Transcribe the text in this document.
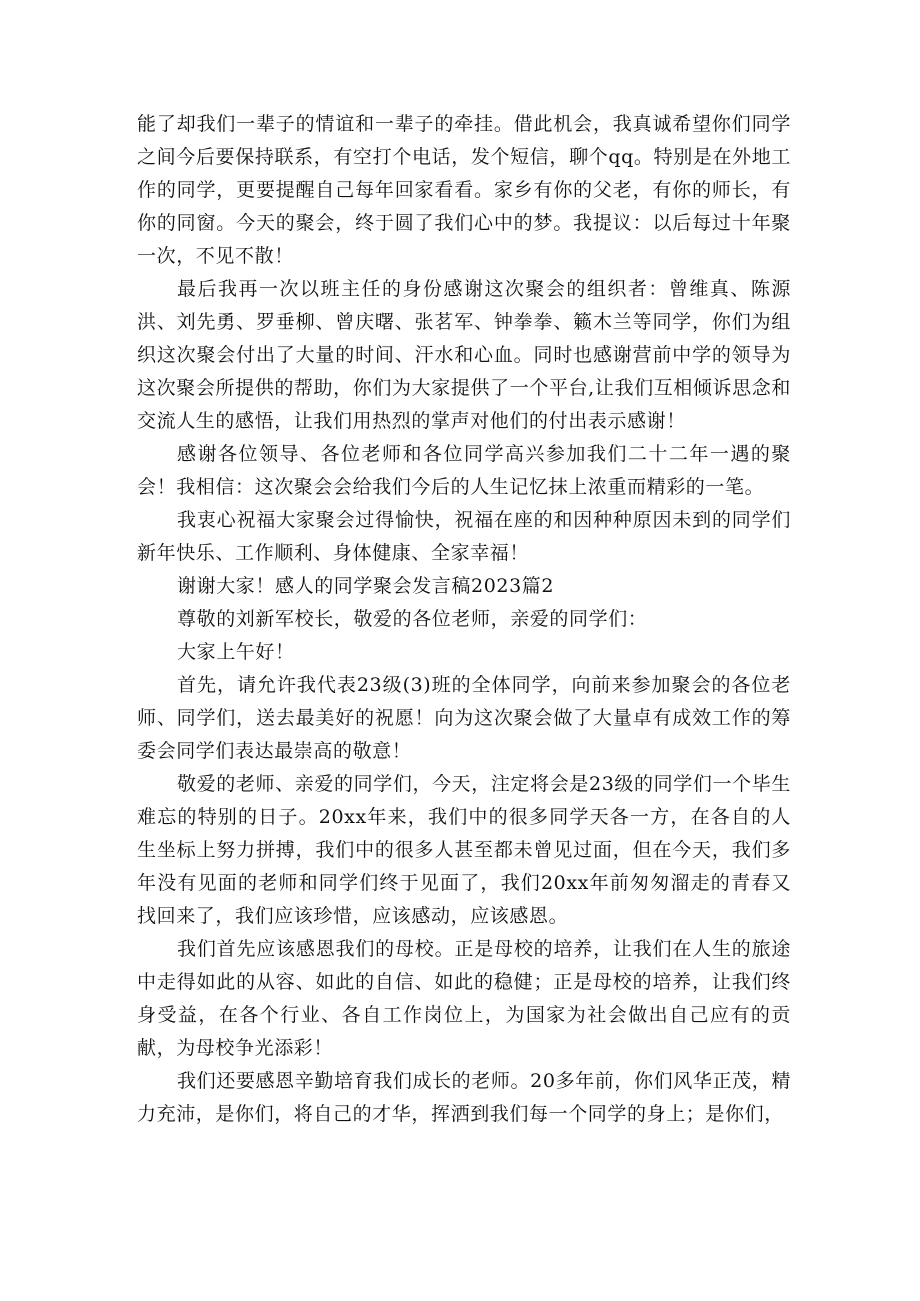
能了却我们一辈子的情谊和一辈子的牵挂。借此机会，我真诚希望你们同学之间今后要保持联系，有空打个电话，发个短信，聊个qq。特别是在外地工作的同学，更要提醒自己每年回家看看。家乡有你的父老，有你的师长，有你的同窗。今天的聚会，终于圆了我们心中的梦。我提议：以后每过十年聚一次，不见不散！

最后我再一次以班主任的身份感谢这次聚会的组织者：曾维真、陈源洪、刘先勇、罗垂柳、曾庆曙、张茗军、钟拳拳、籁木兰等同学，你们为组织这次聚会付出了大量的时间、汗水和心血。同时也感谢营前中学的领导为这次聚会所提供的帮助，你们为大家提供了一个平台,让我们互相倾诉思念和交流人生的感悟，让我们用热烈的掌声对他们的付出表示感谢！

感谢各位领导、各位老师和各位同学高兴参加我们二十二年一遇的聚会！我相信：这次聚会会给我们今后的人生记忆抹上浓重而精彩的一笔。

我衷心祝福大家聚会过得愉快，祝福在座的和因种种原因未到的同学们新年快乐、工作顺利、身体健康、全家幸福！

谢谢大家！感人的同学聚会发言稿2023篇2

尊敬的刘新军校长，敬爱的各位老师，亲爱的同学们：

大家上午好！

首先，请允许我代表23级(3)班的全体同学，向前来参加聚会的各位老师、同学们，送去最美好的祝愿！向为这次聚会做了大量卓有成效工作的筹委会同学们表达最崇高的敬意！

敬爱的老师、亲爱的同学们，今天，注定将会是23级的同学们一个毕生难忘的特别的日子。20xx年来，我们中的很多同学天各一方，在各自的人生坐标上努力拼搏，我们中的很多人甚至都未曾见过面，但在今天，我们多年没有见面的老师和同学们终于见面了，我们20xx年前匆匆溜走的青春又找回来了，我们应该珍惜，应该感动，应该感恩。

我们首先应该感恩我们的母校。正是母校的培养，让我们在人生的旅途中走得如此的从容、如此的自信、如此的稳健；正是母校的培养，让我们终身受益，在各个行业、各自工作岗位上，为国家为社会做出自己应有的贡献，为母校争光添彩！

我们还要感恩辛勤培育我们成长的老师。20多年前，你们风华正茂，精力充沛，是你们，将自己的才华，挥洒到我们每一个同学的身上；是你们，
